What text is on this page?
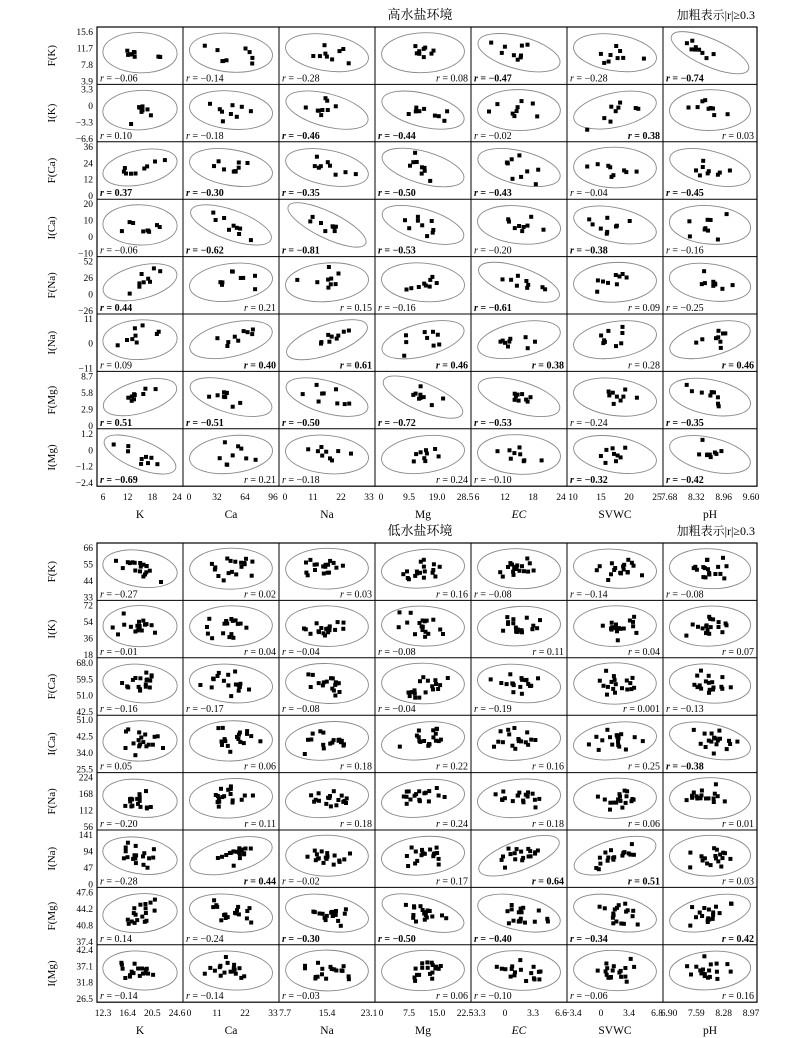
高水盐环境	加粗表示|r|≥0.3
F(K)
15.6
11.7
7.8
3.9 r = −0.06	r = −0.14	r = −0.28	r = 0.08 r = −0.47	r = −0.28	r = −0.74
I(K)
3.3
0
−3.3
−6.6 r = 0.10	r = −0.18	r = −0.46	r = −0.44	r = −0.02	r = 0.38	r = 0.03
F(Ca)
36
24
12
0 r = 0.37	r = −0.30	r = −0.35	r = −0.50	r = −0.43	r = −0.04	r = −0.45
I(Ca)
20
10
0
−10 r = −0.06	r = −0.62	r = −0.81	r = −0.53	r = −0.20	r = −0.38	r = −0.16
F(Na)
52
26
0
−26 r = 0.44	r = 0.21	r = 0.15 r = −0.16	r = −0.61	r = 0.09 r = −0.25
I(Na)
11
0
−11 r = 0.09	r = 0.40	r = 0.61	r = 0.46	r = 0.38	r = 0.28	r = 0.46
F(Mg)
8.7
5.8
2.9
0 r = 0.51	r = −0.51	r = −0.50	r = −0.72	r = −0.53	r = −0.24	r = −0.35
I(Mg)
1.2
0
−1.2
−2.4 r = −0.69	r = 0.21 r = −0.18	r = 0.24 r = −0.10	r = −0.32	r = −0.42
6 12 18 24
K
0 32 64 96
Ca
0 11 22 33
Na
0 9.5 19.0 28.5
Mg
6 12 18 24
EC
10 15 20 25
SVWC
7.68 8.32 8.96 9.60
pH
低水盐环境	加粗表示|r|≥0.3
F(K)
66
55
44
33 r = −0.27	r = 0.02	r = 0.03	r = 0.16 r = −0.08	r = −0.14	r = −0.08
I(K)
72
54
36
18 r = −0.01	r = 0.04 r = −0.04	r = −0.08	r = 0.11	r = 0.04	r = 0.07
F(Ca)
68.0
59.5
51.0
42.5 r = −0.16	r = −0.17	r = −0.08	r = −0.04	r = −0.19	r = 0.001 r = −0.13
I(Ca)
51.0
42.5
34.0
25.5 r = 0.05	r = 0.06	r = 0.18	r = 0.22	r = 0.16	r = 0.25 r = −0.38
F(Na)
224
168
112
56 r = −0.20	r = 0.11	r = 0.18	r = 0.24	r = 0.18	r = 0.06	r = 0.01
I(Na)
141
94
47
0 r = −0.28	r = 0.44 r = −0.02	r = 0.17	r = 0.64	r = 0.51	r = 0.03
F(Mg)
47.6
44.2
40.8
37.4 r = 0.14	r = −0.24	r = −0.30	r = −0.50	r = −0.40	r = −0.34	r = 0.42
I(Mg)
42.4
37.1
31.8
26.5 r = −0.14	r = −0.14	r = −0.03	r = 0.06 r = −0.10	r = −0.06	r = 0.16
12.3 16.4 20.5 24.6
K
0 11 22 33
Ca
7.7	15.4	23.1
Na
0 7.5 15.0 22.5
Mg
−3.3 0 3.3 6.6
EC
−3.4 0 3.4 6.8
SVWC
6.90 7.59 8.28 8.97
pH
